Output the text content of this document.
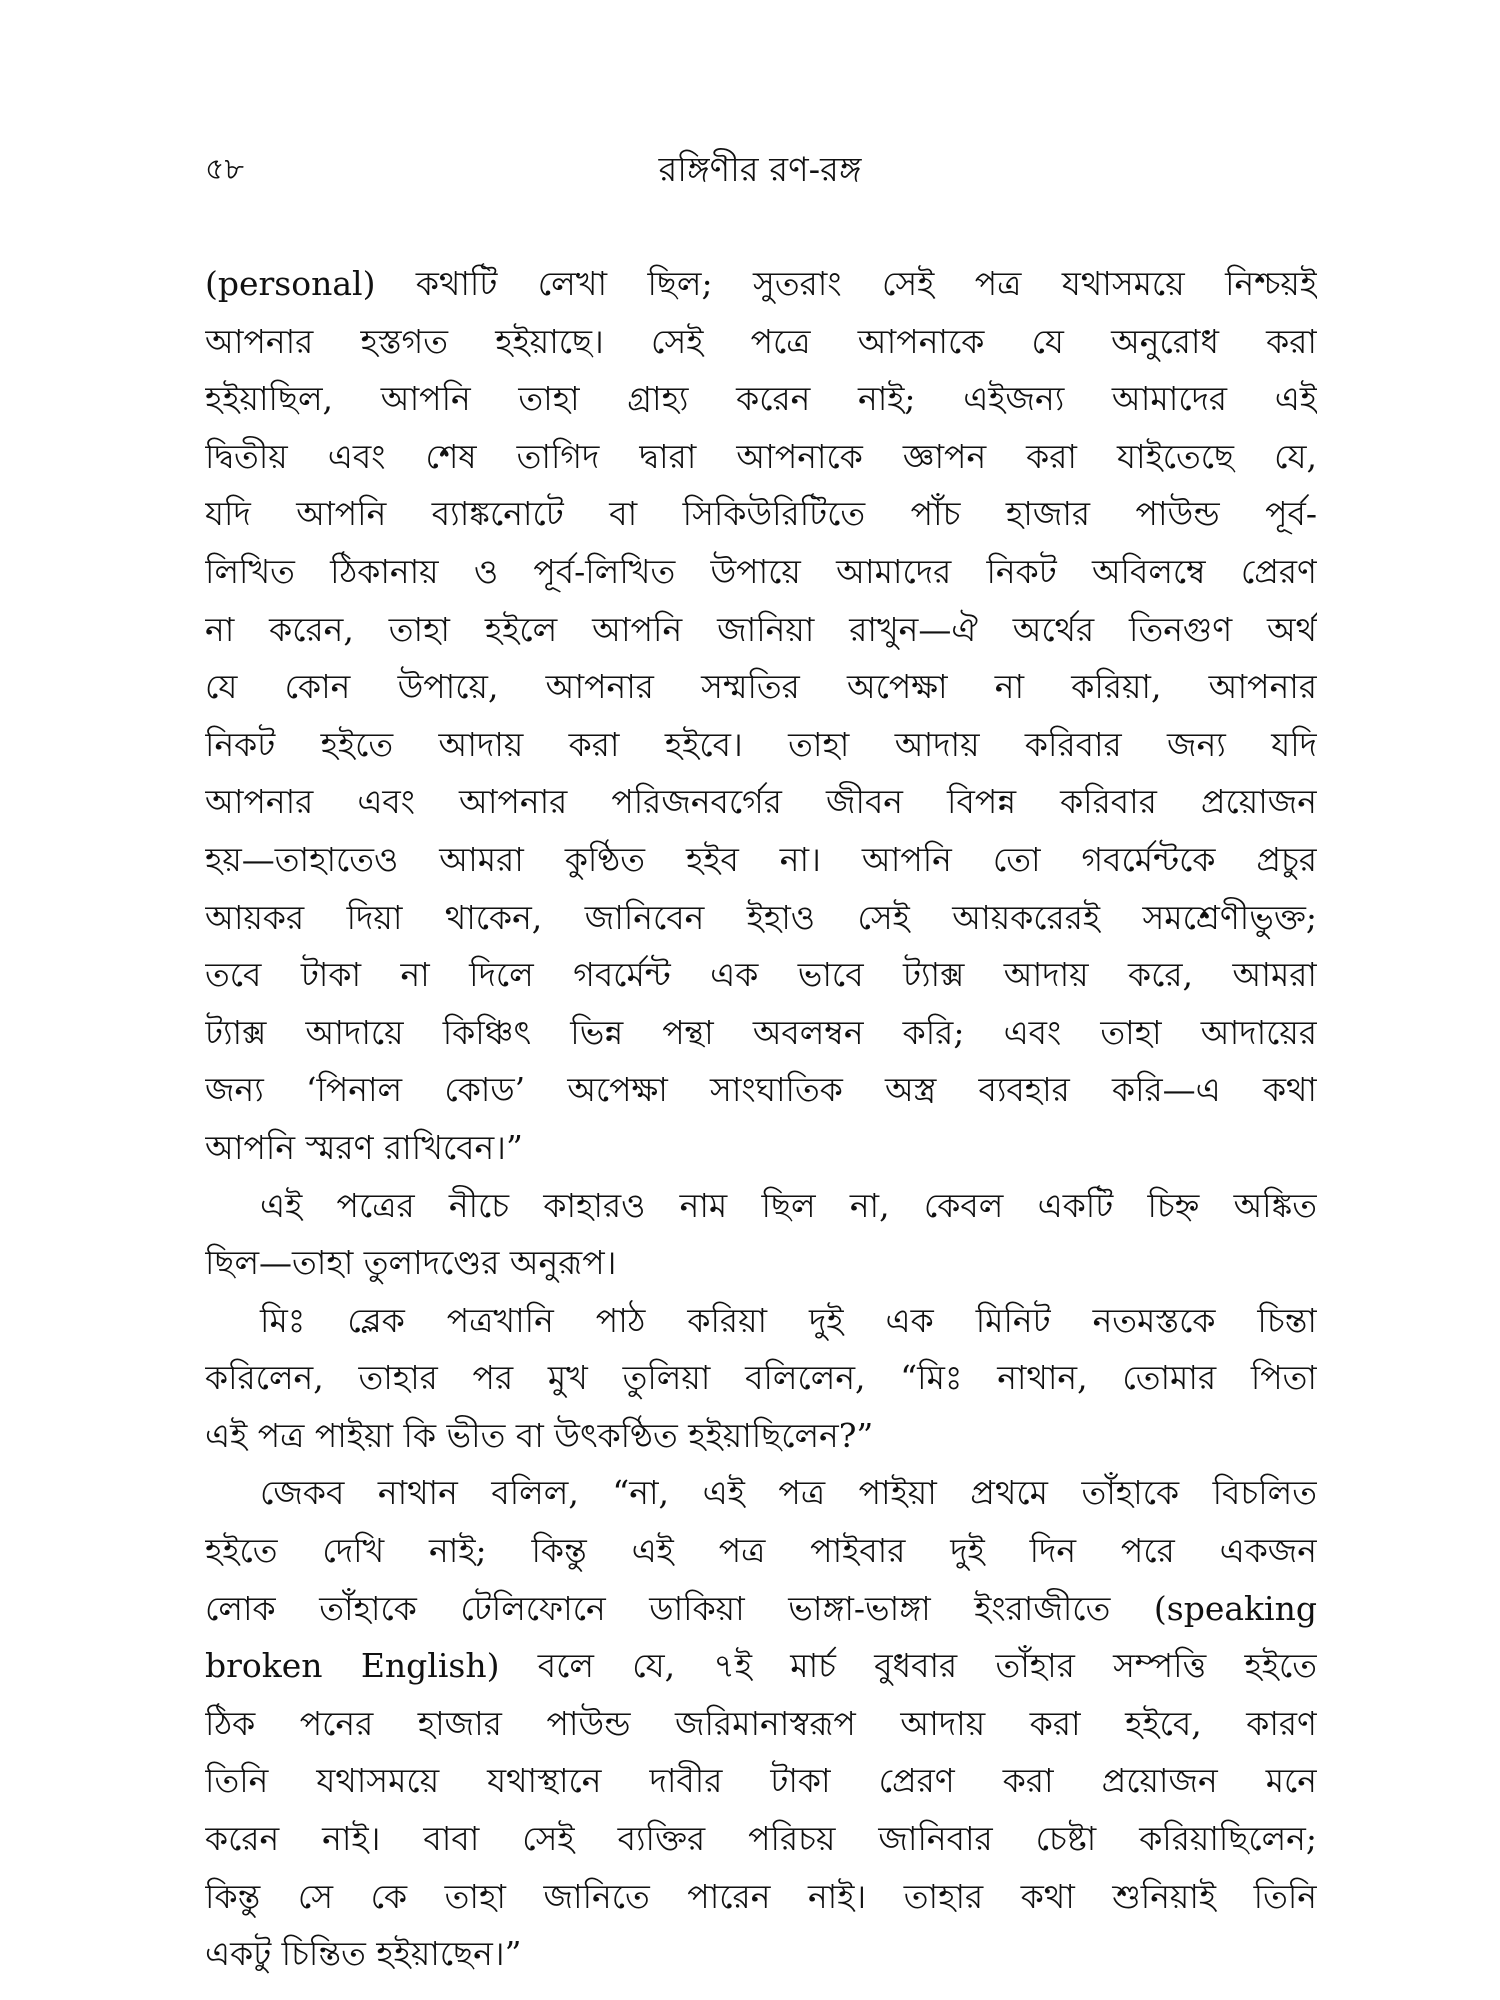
৫৮	রঙ্গিণীর রণ-রঙ্গ
(personal) কথাটি লেখা ছিল; সুতরাং সেই পত্র যথাসময়ে নিশ্চয়ই
আপনার হস্তগত হইয়াছে। সেই পত্রে আপনাকে যে অনুরোধ করা
হইয়াছিল, আপনি তাহা গ্রাহ্য করেন নাই; এইজন্য আমাদের এই
দ্বিতীয় এবং শেষ তাগিদ দ্বারা আপনাকে জ্ঞাপন করা যাইতেছে যে,
যদি আপনি ব্যাঙ্কনোটে বা সিকিউরিটিতে পাঁচ হাজার পাউন্ড পূর্ব-
লিখিত ঠিকানায় ও পূর্ব-লিখিত উপায়ে আমাদের নিকট অবিলম্বে প্রেরণ
না করেন, তাহা হইলে আপনি জানিয়া রাখুন—ঐ অর্থের তিনগুণ অর্থ
যে কোন উপায়ে, আপনার সম্মতির অপেক্ষা না করিয়া, আপনার
নিকট হইতে আদায় করা হইবে। তাহা আদায় করিবার জন্য যদি
আপনার এবং আপনার পরিজনবর্গের জীবন বিপন্ন করিবার প্রয়োজন
হয়—তাহাতেও আমরা কুণ্ঠিত হইব না। আপনি তো গবর্মেন্টকে প্রচুর
আয়কর দিয়া থাকেন, জানিবেন ইহাও সেই আয়করেরই সমশ্রেণীভুক্ত;
তবে টাকা না দিলে গবর্মেন্ট এক ভাবে ট্যাক্স আদায় করে, আমরা
ট্যাক্স আদায়ে কিঞ্চিৎ ভিন্ন পন্থা অবলম্বন করি; এবং তাহা আদায়ের
জন্য ‘পিনাল কোড’ অপেক্ষা সাংঘাতিক অস্ত্র ব্যবহার করি—এ কথা
আপনি স্মরণ রাখিবেন।”
এই পত্রের নীচে কাহারও নাম ছিল না, কেবল একটি চিহ্ন অঙ্কিত
ছিল—তাহা তুলাদণ্ডের অনুরূপ।
মিঃ ব্লেক পত্রখানি পাঠ করিয়া দুই এক মিনিট নতমস্তকে চিন্তা
করিলেন, তাহার পর মুখ তুলিয়া বলিলেন, “মিঃ নাথান, তোমার পিতা
এই পত্র পাইয়া কি ভীত বা উৎকণ্ঠিত হইয়াছিলেন?”
জেকব নাথান বলিল, “না, এই পত্র পাইয়া প্রথমে তাঁহাকে বিচলিত
হইতে দেখি নাই; কিন্তু এই পত্র পাইবার দুই দিন পরে একজন
লোক তাঁহাকে টেলিফোনে ডাকিয়া ভাঙ্গা-ভাঙ্গা ইংরাজীতে (speaking
broken English) বলে যে, ৭ই মার্চ বুধবার তাঁহার সম্পত্তি হইতে
ঠিক পনের হাজার পাউন্ড জরিমানাস্বরূপ আদায় করা হইবে, কারণ
তিনি যথাসময়ে যথাস্থানে দাবীর টাকা প্রেরণ করা প্রয়োজন মনে
করেন নাই। বাবা সেই ব্যক্তির পরিচয় জানিবার চেষ্টা করিয়াছিলেন;
কিন্তু সে কে তাহা জানিতে পারেন নাই। তাহার কথা শুনিয়াই তিনি
একটু চিন্তিত হইয়াছেন।”
